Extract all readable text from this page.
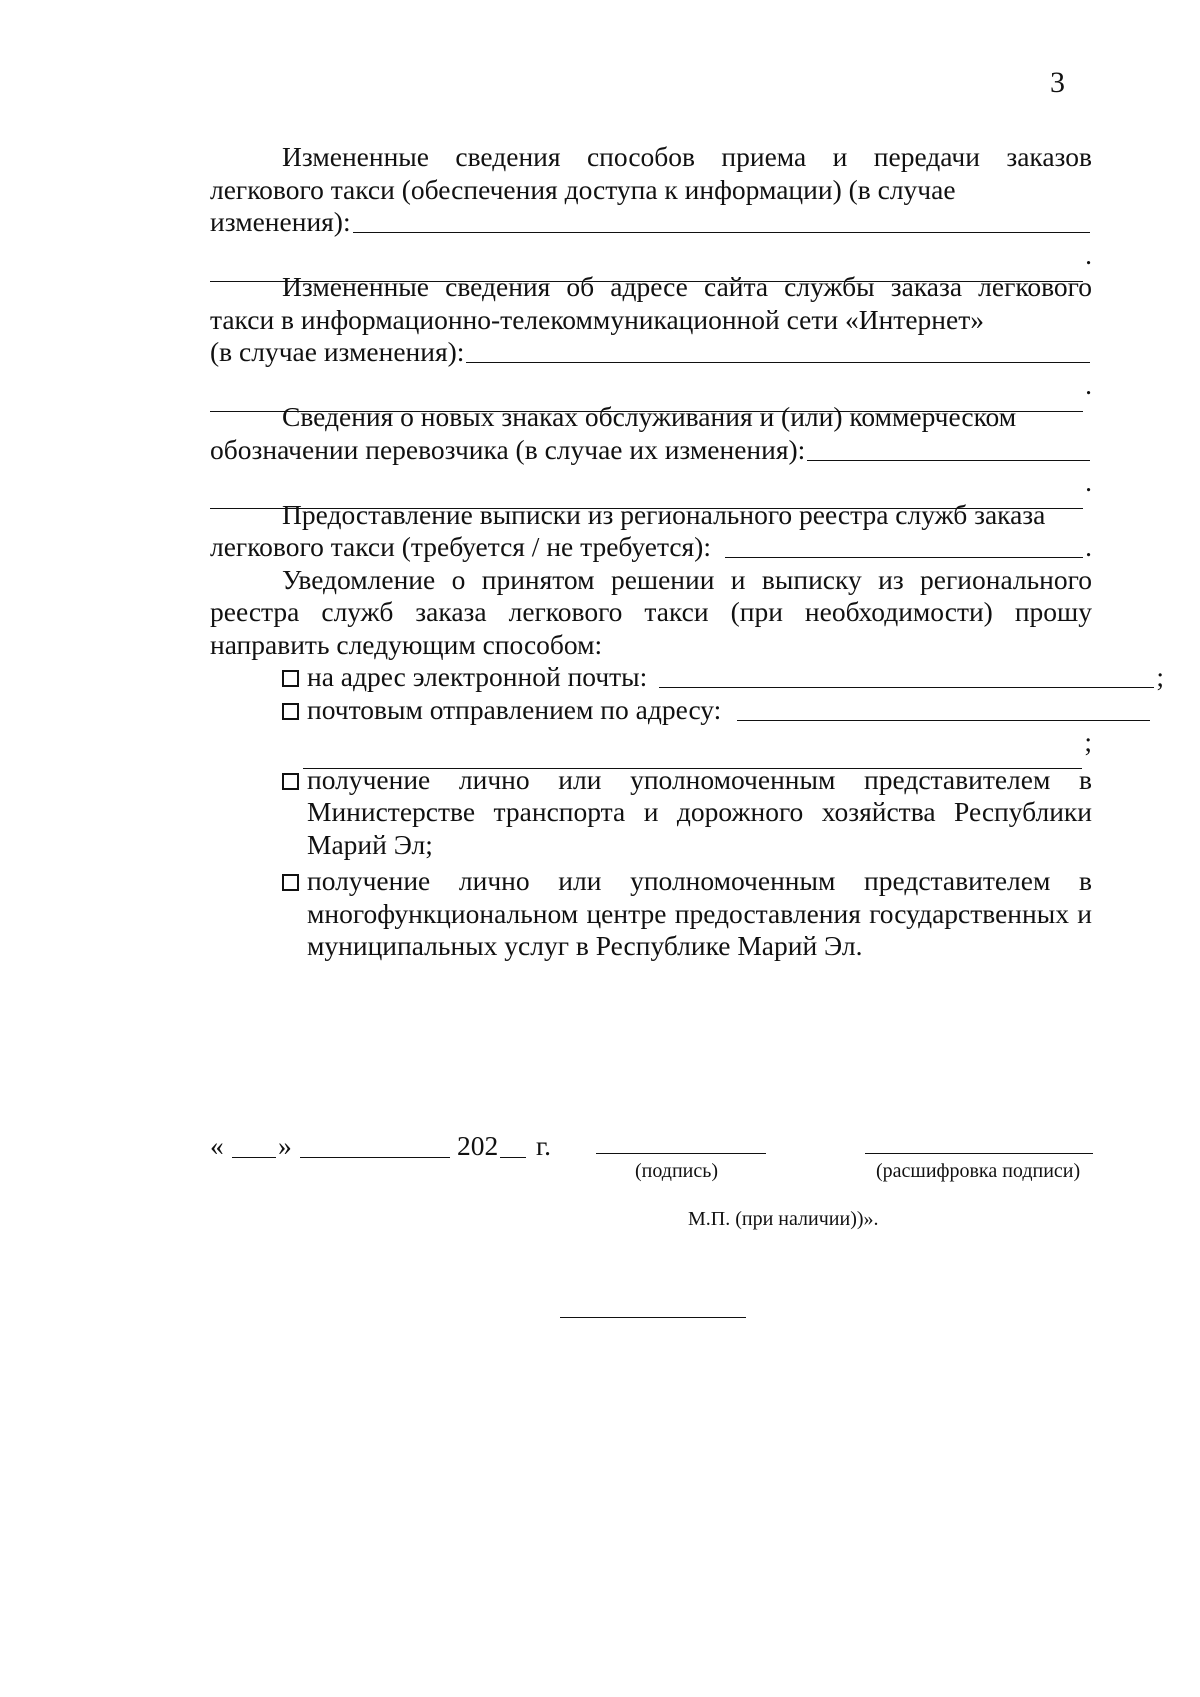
3
Измененные сведения способов приема и передачи заказов легкового такси (обеспечения доступа к информации) (в случае
изменения):
.
Измененные сведения об адресе сайта службы заказа легкового такси в информационно-телекоммуникационной сети «Интернет»
(в случае изменения):
.
Сведения о новых знаках обслуживания и (или) коммерческом
обозначении перевозчика (в случае их изменения):
.
Предоставление выписки из регионального реестра служб заказа
легкового такси (требуется / не требуется):	.
Уведомление о принятом решении и выписку из регионального реестра служб заказа легкового такси (при необходимости) прошу направить следующим способом:
на адрес электронной почты:	;
почтовым отправлением по адресу:
;
получение лично или уполномоченным представителем в Министерстве транспорта и дорожного хозяйства Республики Марий Эл;
получение лично или уполномоченным представителем в многофункциональном центре предоставления государственных и муниципальных услуг в Республике Марий Эл.
« »	202 г.
(подпись)	(расшифровка подписи)
М.П. (при наличии))».
